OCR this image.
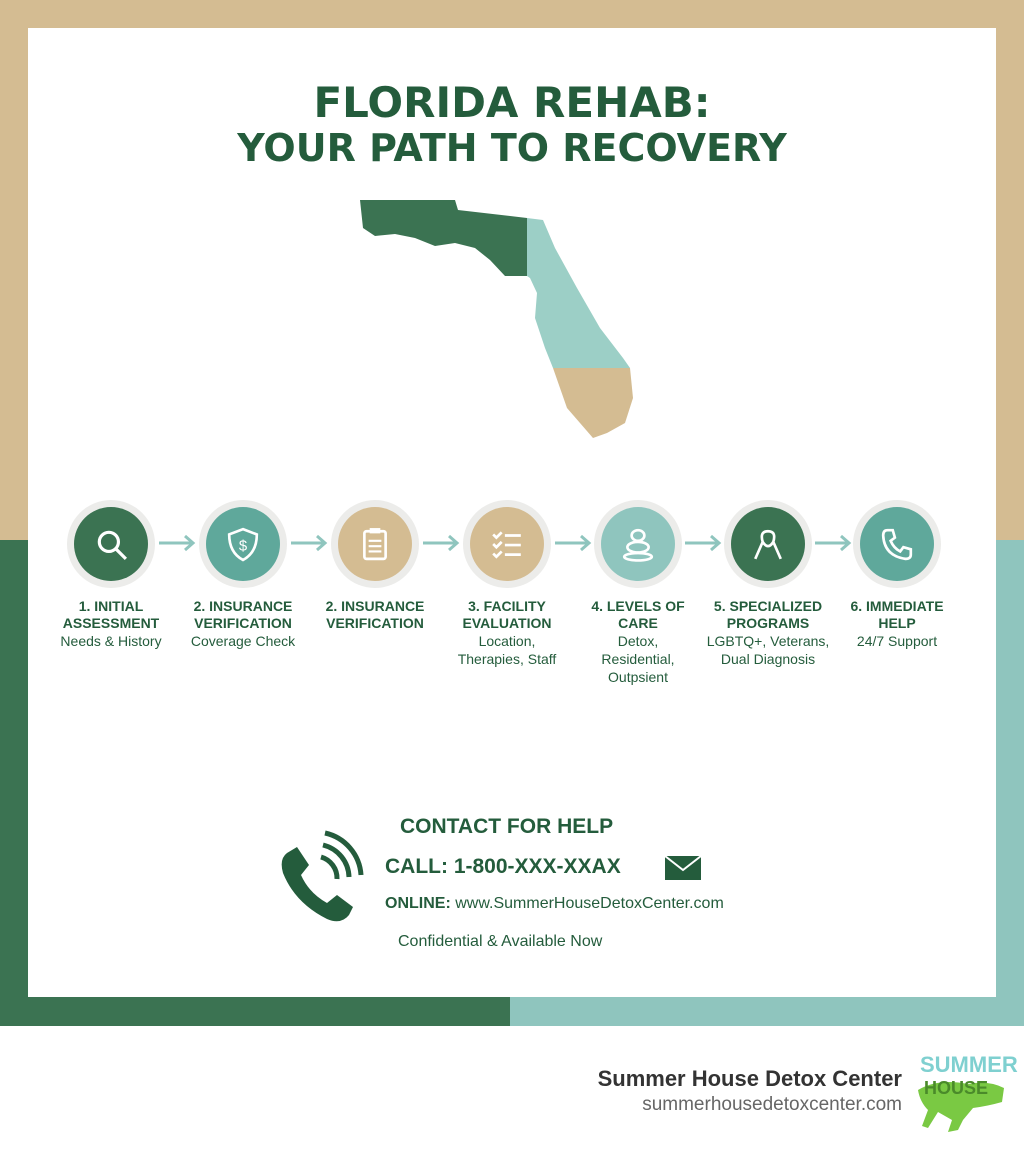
FLORIDA REHAB:
YOUR PATH TO RECOVERY
1. INITIAL
ASSESSMENT
Needs & History
$
2. INSURANCE
VERIFICATION
Coverage Check
2. INSURANCE
VERIFICATION
3. FACILITY
EVALUATION
Location,
Therapies, Staff
4. LEVELS OF
CARE
Detox,
Residential,
Outpsient
5. SPECIALIZED
PROGRAMS
LGBTQ+, Veterans,
Dual Diagnosis
6. IMMEDIATE
HELP
24/7 Support
CONTACT FOR HELP
CALL: 1-800-XXX-XXAX
ONLINE: www.SummerHouseDetoxCenter.com
Confidential & Available Now
Summer House Detox Center
summerhousedetoxcenter.com
SUMMER
HOUSE
